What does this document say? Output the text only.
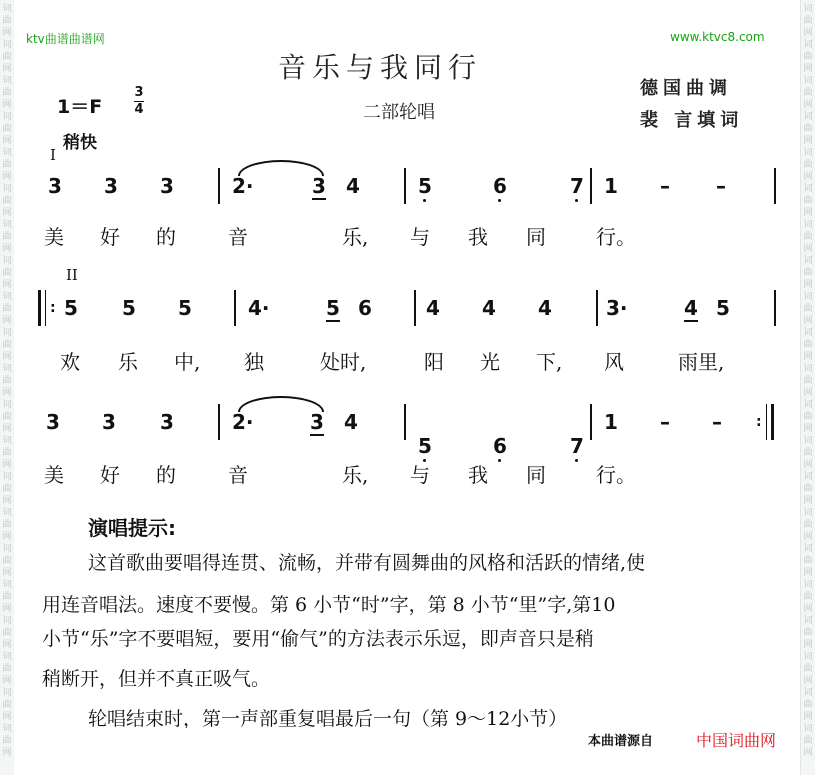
词
曲
网
词
曲
网
词
曲
网
词
曲
网
词
曲
网
词
曲
网
词
曲
网
词
曲
网
词
曲
网
词
曲
网
词
曲
网
词
曲
网
词
曲
网
词
曲
网
词
曲
网
词
曲
网
词
曲
网
词
曲
网
词
曲
网
词
曲
网
词
曲
网
词
曲
网
词
曲
网
词
曲
网
词
曲
网
词
曲
网
词
曲
网
词
曲
网
词
曲
网
词
曲
网
词
曲
网
词
曲
网
词
曲
网
词
曲
网
词
曲
网
词
曲
网
词
曲
网
词
曲
网
词
曲
网
词
曲
网
词
曲
网
词
曲
网
ktv曲谱曲谱网	www.ktvc8.com
音乐与我同行
德国曲调
裴 言填词
1＝F
3
4	二部轮唱
稍快
I
3 3 3	2·	3 4	5	6	7 1 – –
美 好 的	音	乐, 与 我 同	行。
II
: 5 5 5	4·	5 6	4 4 4	3·	4 5
欢 乐 中, 独	处时,	阳 光 下, 风	雨里,
3 3 3	2·	3 4
5	6	7
1 – – :
美 好 的	音	乐, 与 我 同	行。
演唱提示:
这首歌曲要唱得连贯、流畅，并带有圆舞曲的风格和活跃的情绪,使
用连音唱法。速度不要慢。第 6 小节“时”字，第 8 小节“里”字,第10
小节“乐”字不要唱短，要用“偷气”的方法表示乐逗，即声音只是稍
稍断开，但并不真正吸气。
轮唱结束时，第一声部重复唱最后一句（第 9～12小节）
本曲谱源自	中国词曲网
